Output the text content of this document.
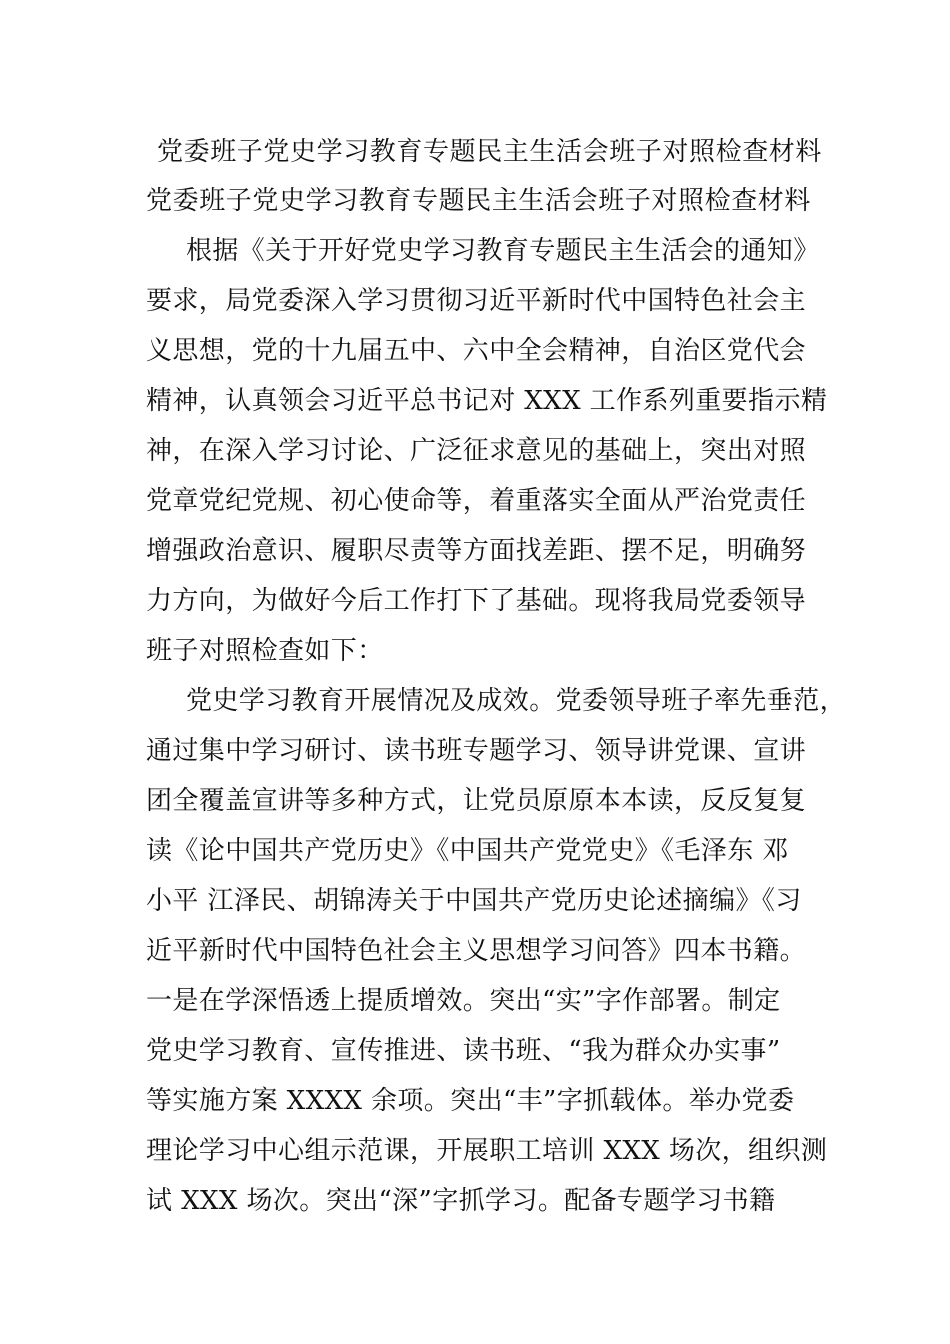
党委班子党史学习教育专题民主生活会班子对照检查材料
党委班子党史学习教育专题民主生活会班子对照检查材料
根据《关于开好党史学习教育专题民主生活会的通知》
要求，局党委深入学习贯彻习近平新时代中国特色社会主
义思想，党的十九届五中、六中全会精神，自治区党代会
精神，认真领会习近平总书记对 XXX 工作系列重要指示精
神，在深入学习讨论、广泛征求意见的基础上，突出对照
党章党纪党规、初心使命等，着重落实全面从严治党责任
增强政治意识、履职尽责等方面找差距、摆不足，明确努
力方向，为做好今后工作打下了基础。现将我局党委领导
班子对照检查如下：
党史学习教育开展情况及成效。党委领导班子率先垂范，
通过集中学习研讨、读书班专题学习、领导讲党课、宣讲
团全覆盖宣讲等多种方式，让党员原原本本读，反反复复
读《论中国共产党历史》《中国共产党党史》《毛泽东 邓
小平 江泽民、胡锦涛关于中国共产党历史论述摘编》《习
近平新时代中国特色社会主义思想学习问答》四本书籍。
一是在学深悟透上提质增效。突出“实”字作部署。制定
党史学习教育、宣传推进、读书班、“我为群众办实事”
等实施方案 XXXX 余项。突出“丰”字抓载体。举办党委
理论学习中心组示范课，开展职工培训 XXX 场次，组织测
试 XXX 场次。突出“深”字抓学习。配备专题学习书籍
